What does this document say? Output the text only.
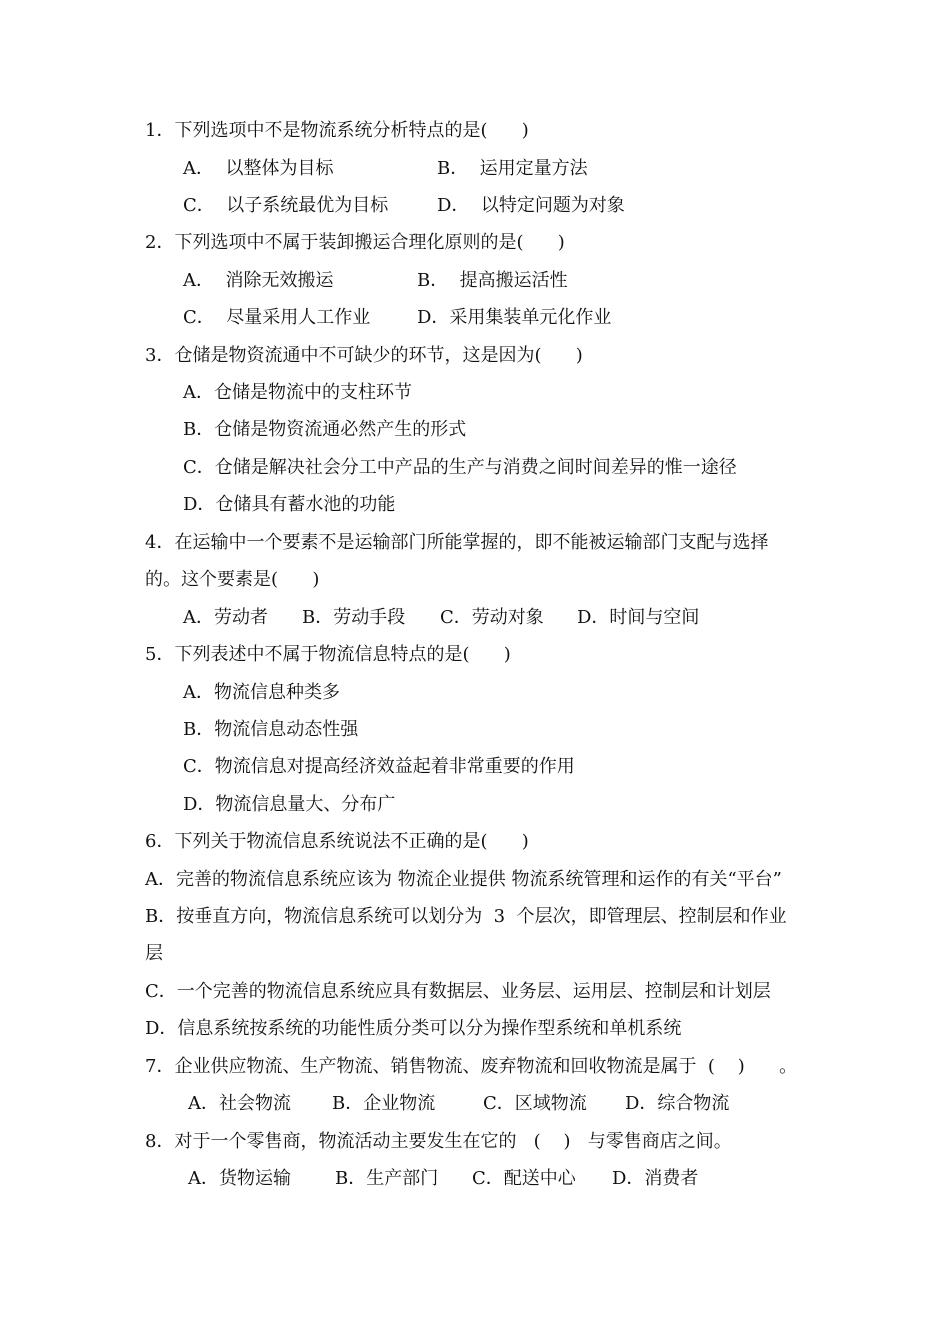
1．下列选项中不是物流系统分析特点的是(      )

A．  以整体为目标

	B．  运用定量方法

C．  以子系统最优为目标

	D．  以特定问题为对象

2．下列选项中不属于装卸搬运合理化原则的是(      )

A．  消除无效搬运

	B．  提高搬运活性

C．  尽量采用人工作业

	D．采用集装单元化作业

3．仓储是物资流通中不可缺少的环节，这是因为(      )

A．仓储是物流中的支柱环节

B．仓储是物资流通必然产生的形式

C．仓储是解决社会分工中产品的生产与消费之间时间差异的惟一途径

D．仓储具有蓄水池的功能

4．在运输中一个要素不是运输部门所能掌握的，即不能被运输部门支配与选择

的。这个要素是(      )

A．劳动者

B．劳动手段

C．劳动对象

D．时间与空间

5．下列表述中不属于物流信息特点的是(      )

A．物流信息种类多

B．物流信息动态性强

C．物流信息对提高经济效益起着非常重要的作用

D．物流信息量大、分布广

6．下列关于物流信息系统说法不正确的是(      )

A．完善的物流信息系统应该为 物流企业提供 物流系统管理和运作的有关“平台”

B．按垂直方向，物流信息系统可以划分为  3  个层次，即管理层、控制层和作业

层

C．一个完善的物流信息系统应具有数据层、业务层、运用层、控制层和计划层

D．信息系统按系统的功能性质分类可以分为操作型系统和单机系统

7．企业供应物流、生产物流、销售物流、废弃物流和回收物流是属于  (    )      。

A．社会物流

B．企业物流

	C．区域物流

D．综合物流

8．对于一个零售商，物流活动主要发生在它的   (    )   与零售商店之间。

A．货物运输

B．生产部门

C．配送中心

D．消费者
